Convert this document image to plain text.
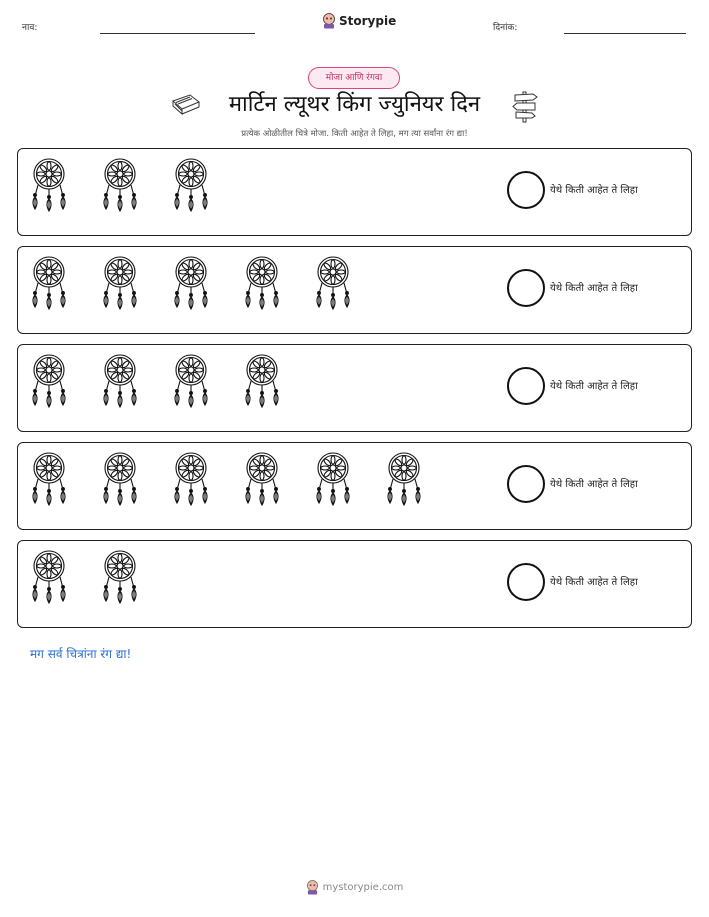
नाव:	Storypie	दिनांक:
मोजा आणि रंगवा
मार्टिन ल्यूथर किंग ज्युनियर दिन
प्रत्येक ओळीतील चित्रे मोजा. किती आहेत ते लिहा, मग त्या सर्वांना रंग द्या!
येथे किती आहेत ते लिहा
येथे किती आहेत ते लिहा
येथे किती आहेत ते लिहा
येथे किती आहेत ते लिहा
येथे किती आहेत ते लिहा
मग सर्व चित्रांना रंग द्या!
mystorypie.com
